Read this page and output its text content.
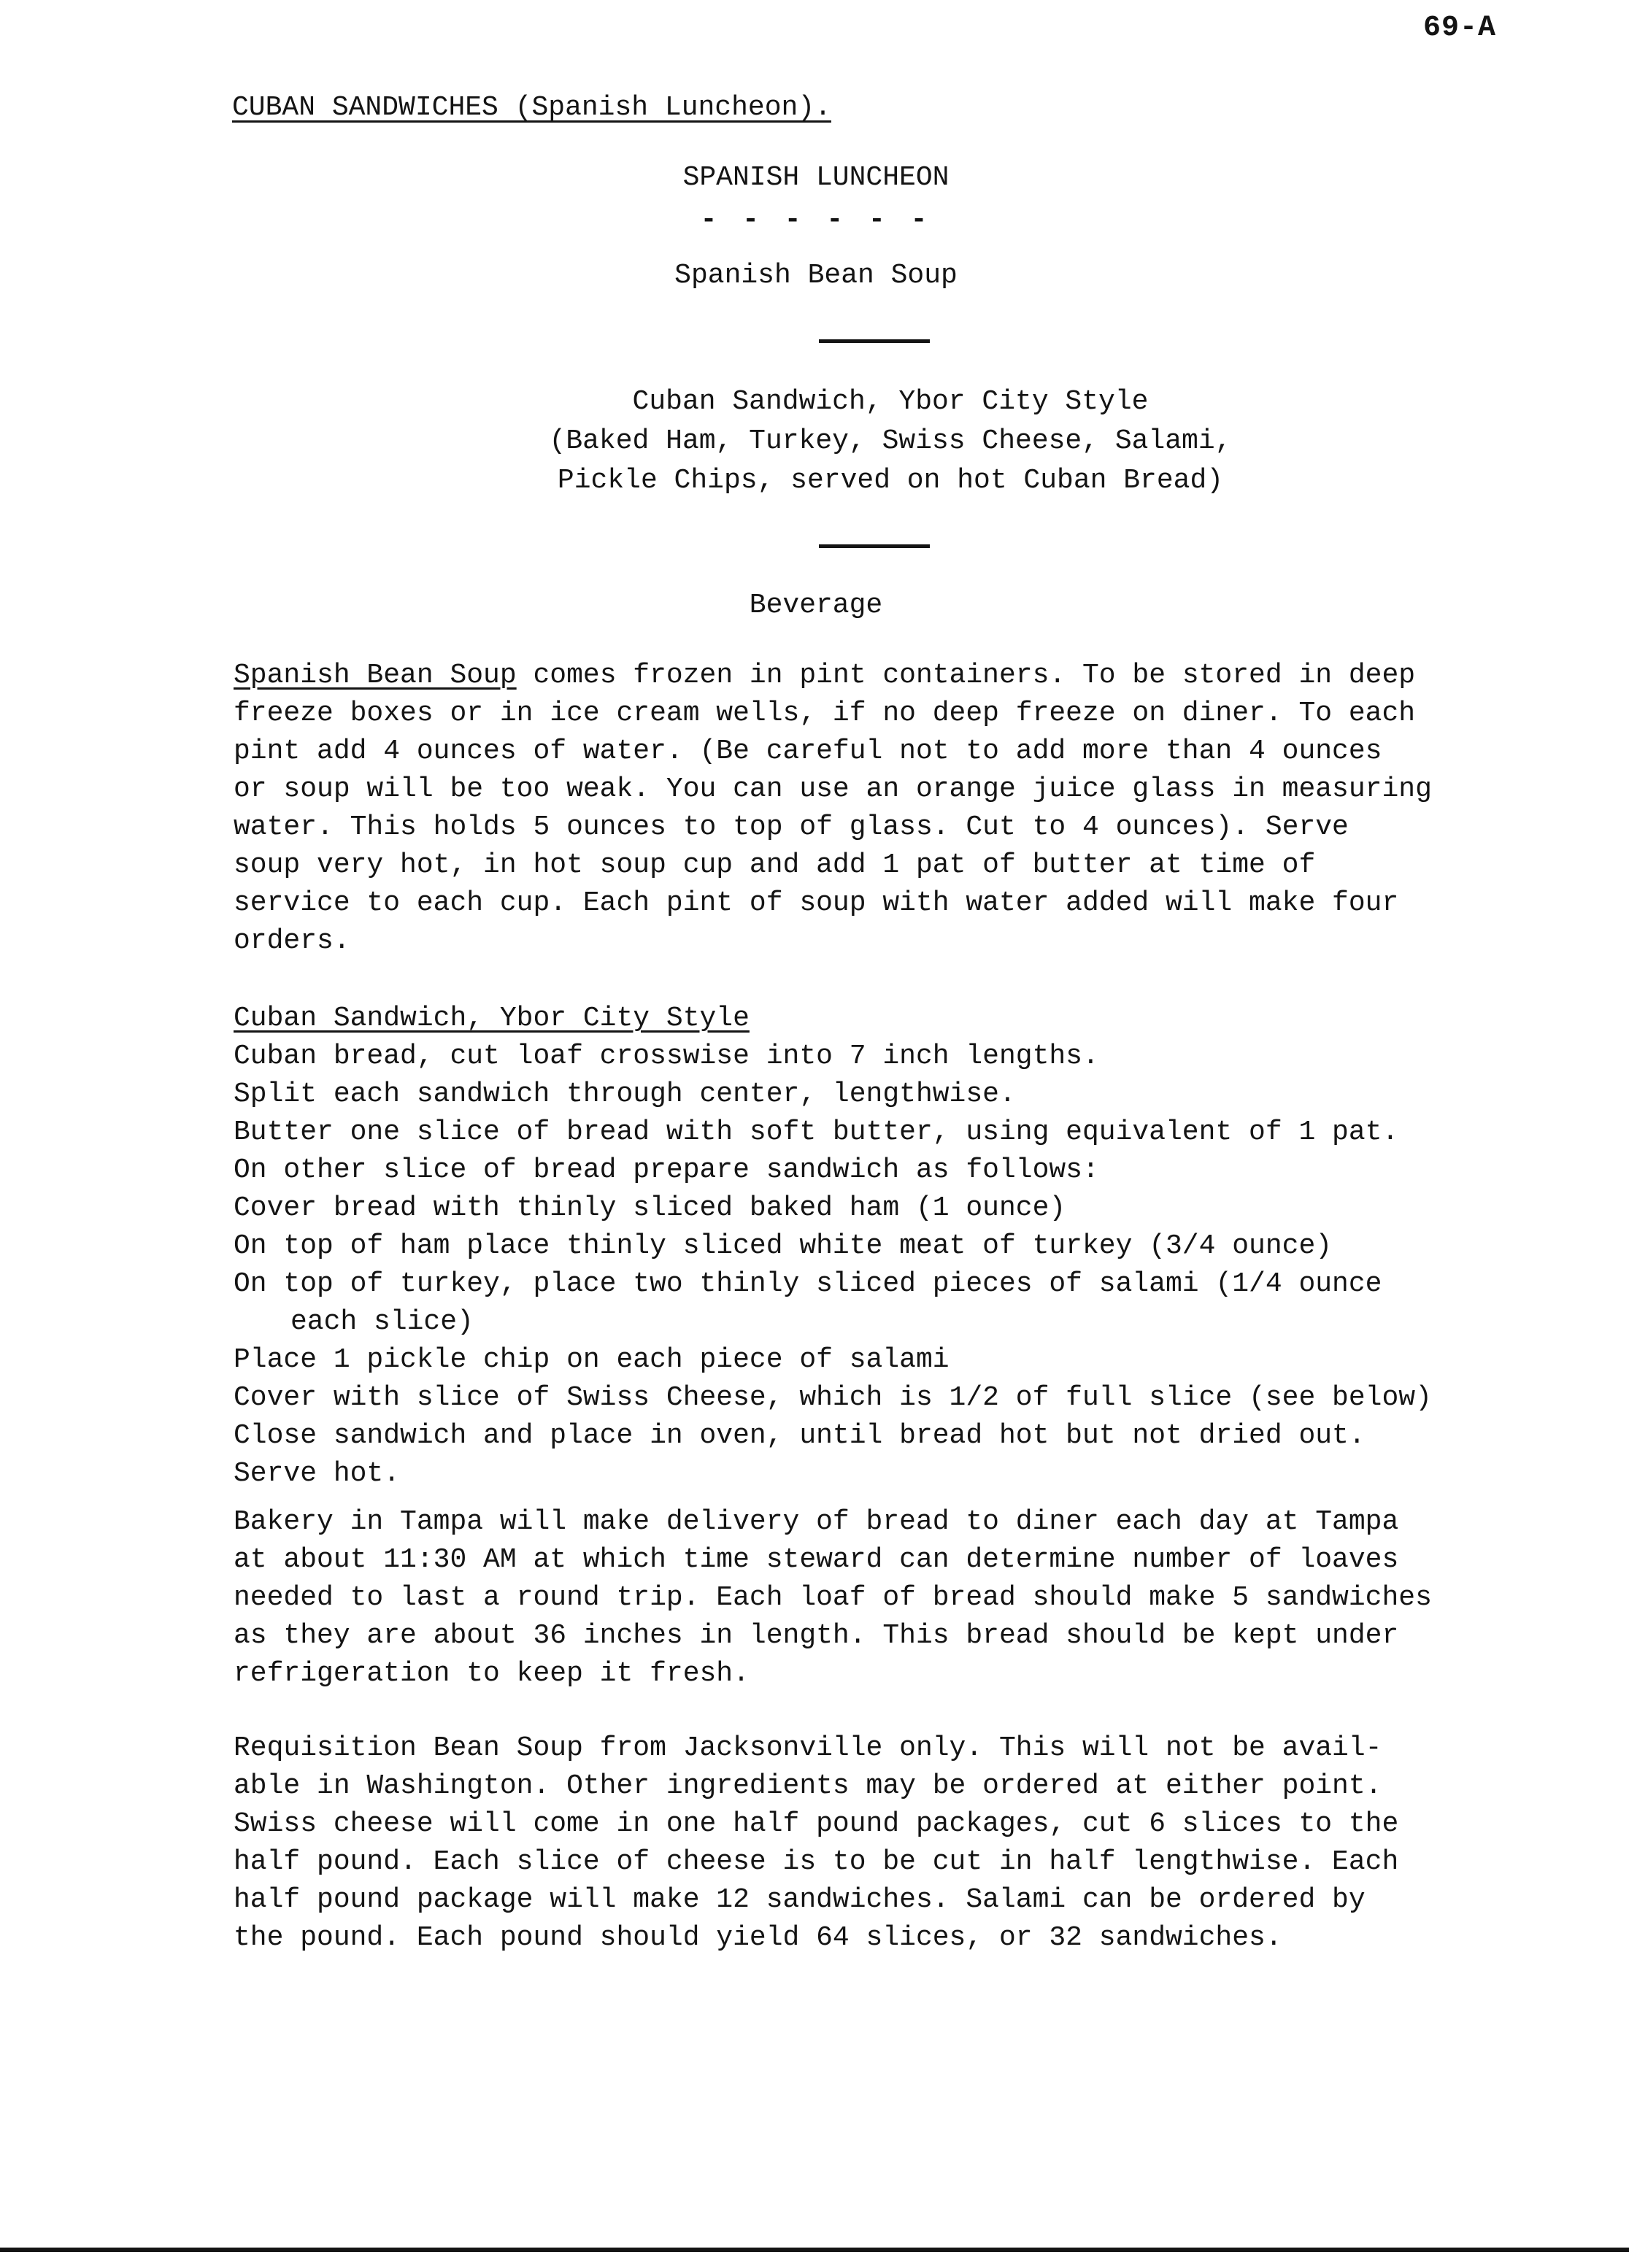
69-A
CUBAN SANDWICHES (Spanish Luncheon).
SPANISH LUNCHEON
- - - - - -
Spanish Bean Soup
Cuban Sandwich, Ybor City Style
(Baked Ham, Turkey, Swiss Cheese, Salami,
Pickle Chips, served on hot Cuban Bread)
Beverage
Spanish Bean Soup comes frozen in pint containers. To be stored in deep
freeze boxes or in ice cream wells, if no deep freeze on diner. To each
pint add 4 ounces of water. (Be careful not to add more than 4 ounces
or soup will be too weak. You can use an orange juice glass in measuring
water. This holds 5 ounces to top of glass. Cut to 4 ounces). Serve
soup very hot, in hot soup cup and add 1 pat of butter at time of
service to each cup. Each pint of soup with water added will make four
orders.
Cuban Sandwich, Ybor City Style
Cuban bread, cut loaf crosswise into 7 inch lengths.
Split each sandwich through center, lengthwise.
Butter one slice of bread with soft butter, using equivalent of 1 pat.
On other slice of bread prepare sandwich as follows:
Cover bread with thinly sliced baked ham (1 ounce)
On top of ham place thinly sliced white meat of turkey (3/4 ounce)
On top of turkey, place two thinly sliced pieces of salami (1/4 ounce
each slice)
Place 1 pickle chip on each piece of salami
Cover with slice of Swiss Cheese, which is 1/2 of full slice (see below)
Close sandwich and place in oven, until bread hot but not dried out.
Serve hot.
Bakery in Tampa will make delivery of bread to diner each day at Tampa
at about 11:30 AM at which time steward can determine number of loaves
needed to last a round trip. Each loaf of bread should make 5 sandwiches
as they are about 36 inches in length. This bread should be kept under
refrigeration to keep it fresh.
Requisition Bean Soup from Jacksonville only. This will not be avail-
able in Washington. Other ingredients may be ordered at either point.
Swiss cheese will come in one half pound packages, cut 6 slices to the
half pound. Each slice of cheese is to be cut in half lengthwise. Each
half pound package will make 12 sandwiches. Salami can be ordered by
the pound. Each pound should yield 64 slices, or 32 sandwiches.
